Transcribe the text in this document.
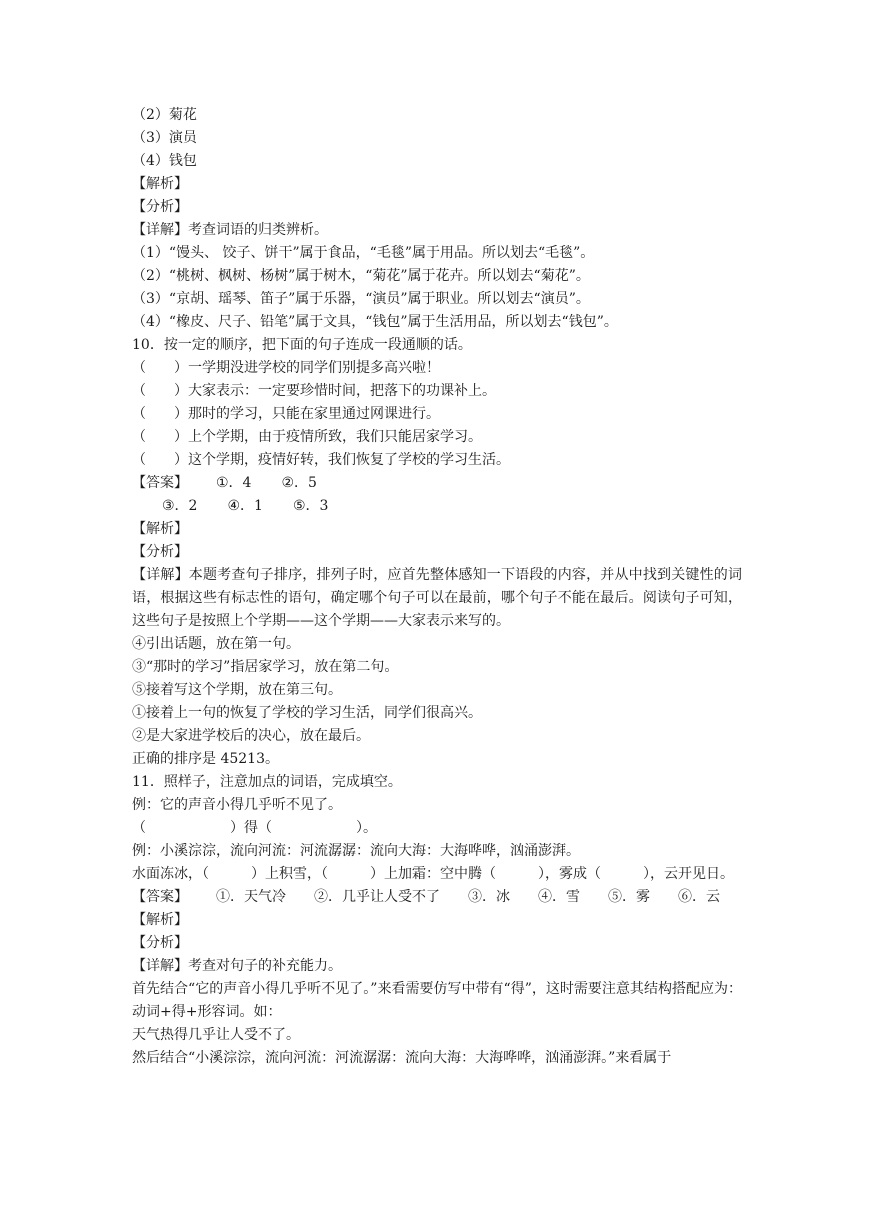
（2）菊花
（3）演员
（4）钱包
【解析】
【分析】
【详解】考查词语的归类辨析。
（1）“馒头、 饺子、饼干”属于食品，“毛毯”属于用品。所以划去“毛毯”。
（2）“桃树、枫树、杨树”属于树木，“菊花”属于花卉。所以划去“菊花”。
（3）“京胡、瑶琴、笛子”属于乐器，“演员”属于职业。所以划去“演员”。
（4）“橡皮、尺子、铅笔”属于文具，“钱包”属于生活用品，所以划去“钱包”。
10．按一定的顺序，把下面的句子连成一段通顺的话。
（ ）一学期没进学校的同学们别提多高兴啦！
（ ）大家表示：一定要珍惜时间，把落下的功课补上。
（ ）那时的学习，只能在家里通过网课进行。
（ ）上个学期，由于疫情所致，我们只能居家学习。
（ ）这个学期，疫情好转，我们恢复了学校的学习生活。
【答案】 ①．4 ②．5
③．2 ④．1 ⑤．3
【解析】
【分析】
【详解】本题考查句子排序，排列子时，应首先整体感知一下语段的内容，并从中找到关键性的词语，根据这些有标志性的语句，确定哪个句子可以在最前，哪个句子不能在最后。阅读句子可知，这些句子是按照上个学期——这个学期——大家表示来写的。
④引出话题，放在第一句。
③“那时的学习”指居家学习，放在第二句。
⑤接着写这个学期，放在第三句。
①接着上一句的恢复了学校的学习生活，同学们很高兴。
②是大家进学校后的决心，放在最后。
正确的排序是 45213。
11．照样子，注意加点的词语，完成填空。
例：它的声音小得几乎听不见了。
（	）得（	）。
例：小溪淙淙，流向河流：河流潺潺：流向大海：大海哗哗，汹涌澎湃。
水面冻冰，（　　　）上积雪，（　　　）上加霜：空中腾（　　　），雾成（　　　），云开见日。
【答案】 ①．天气冷 ②．几乎让人受不了 ③．冰 ④．雪 ⑤．雾 ⑥．云
【解析】
【分析】
【详解】考查对句子的补充能力。
首先结合“它的声音小得几乎听不见了。”来看需要仿写中带有“得”，这时需要注意其结构搭配应为：动词+得+形容词。如：
天气热得几乎让人受不了。
然后结合“小溪淙淙，流向河流：河流潺潺：流向大海：大海哗哗，汹涌澎湃。”来看属于
